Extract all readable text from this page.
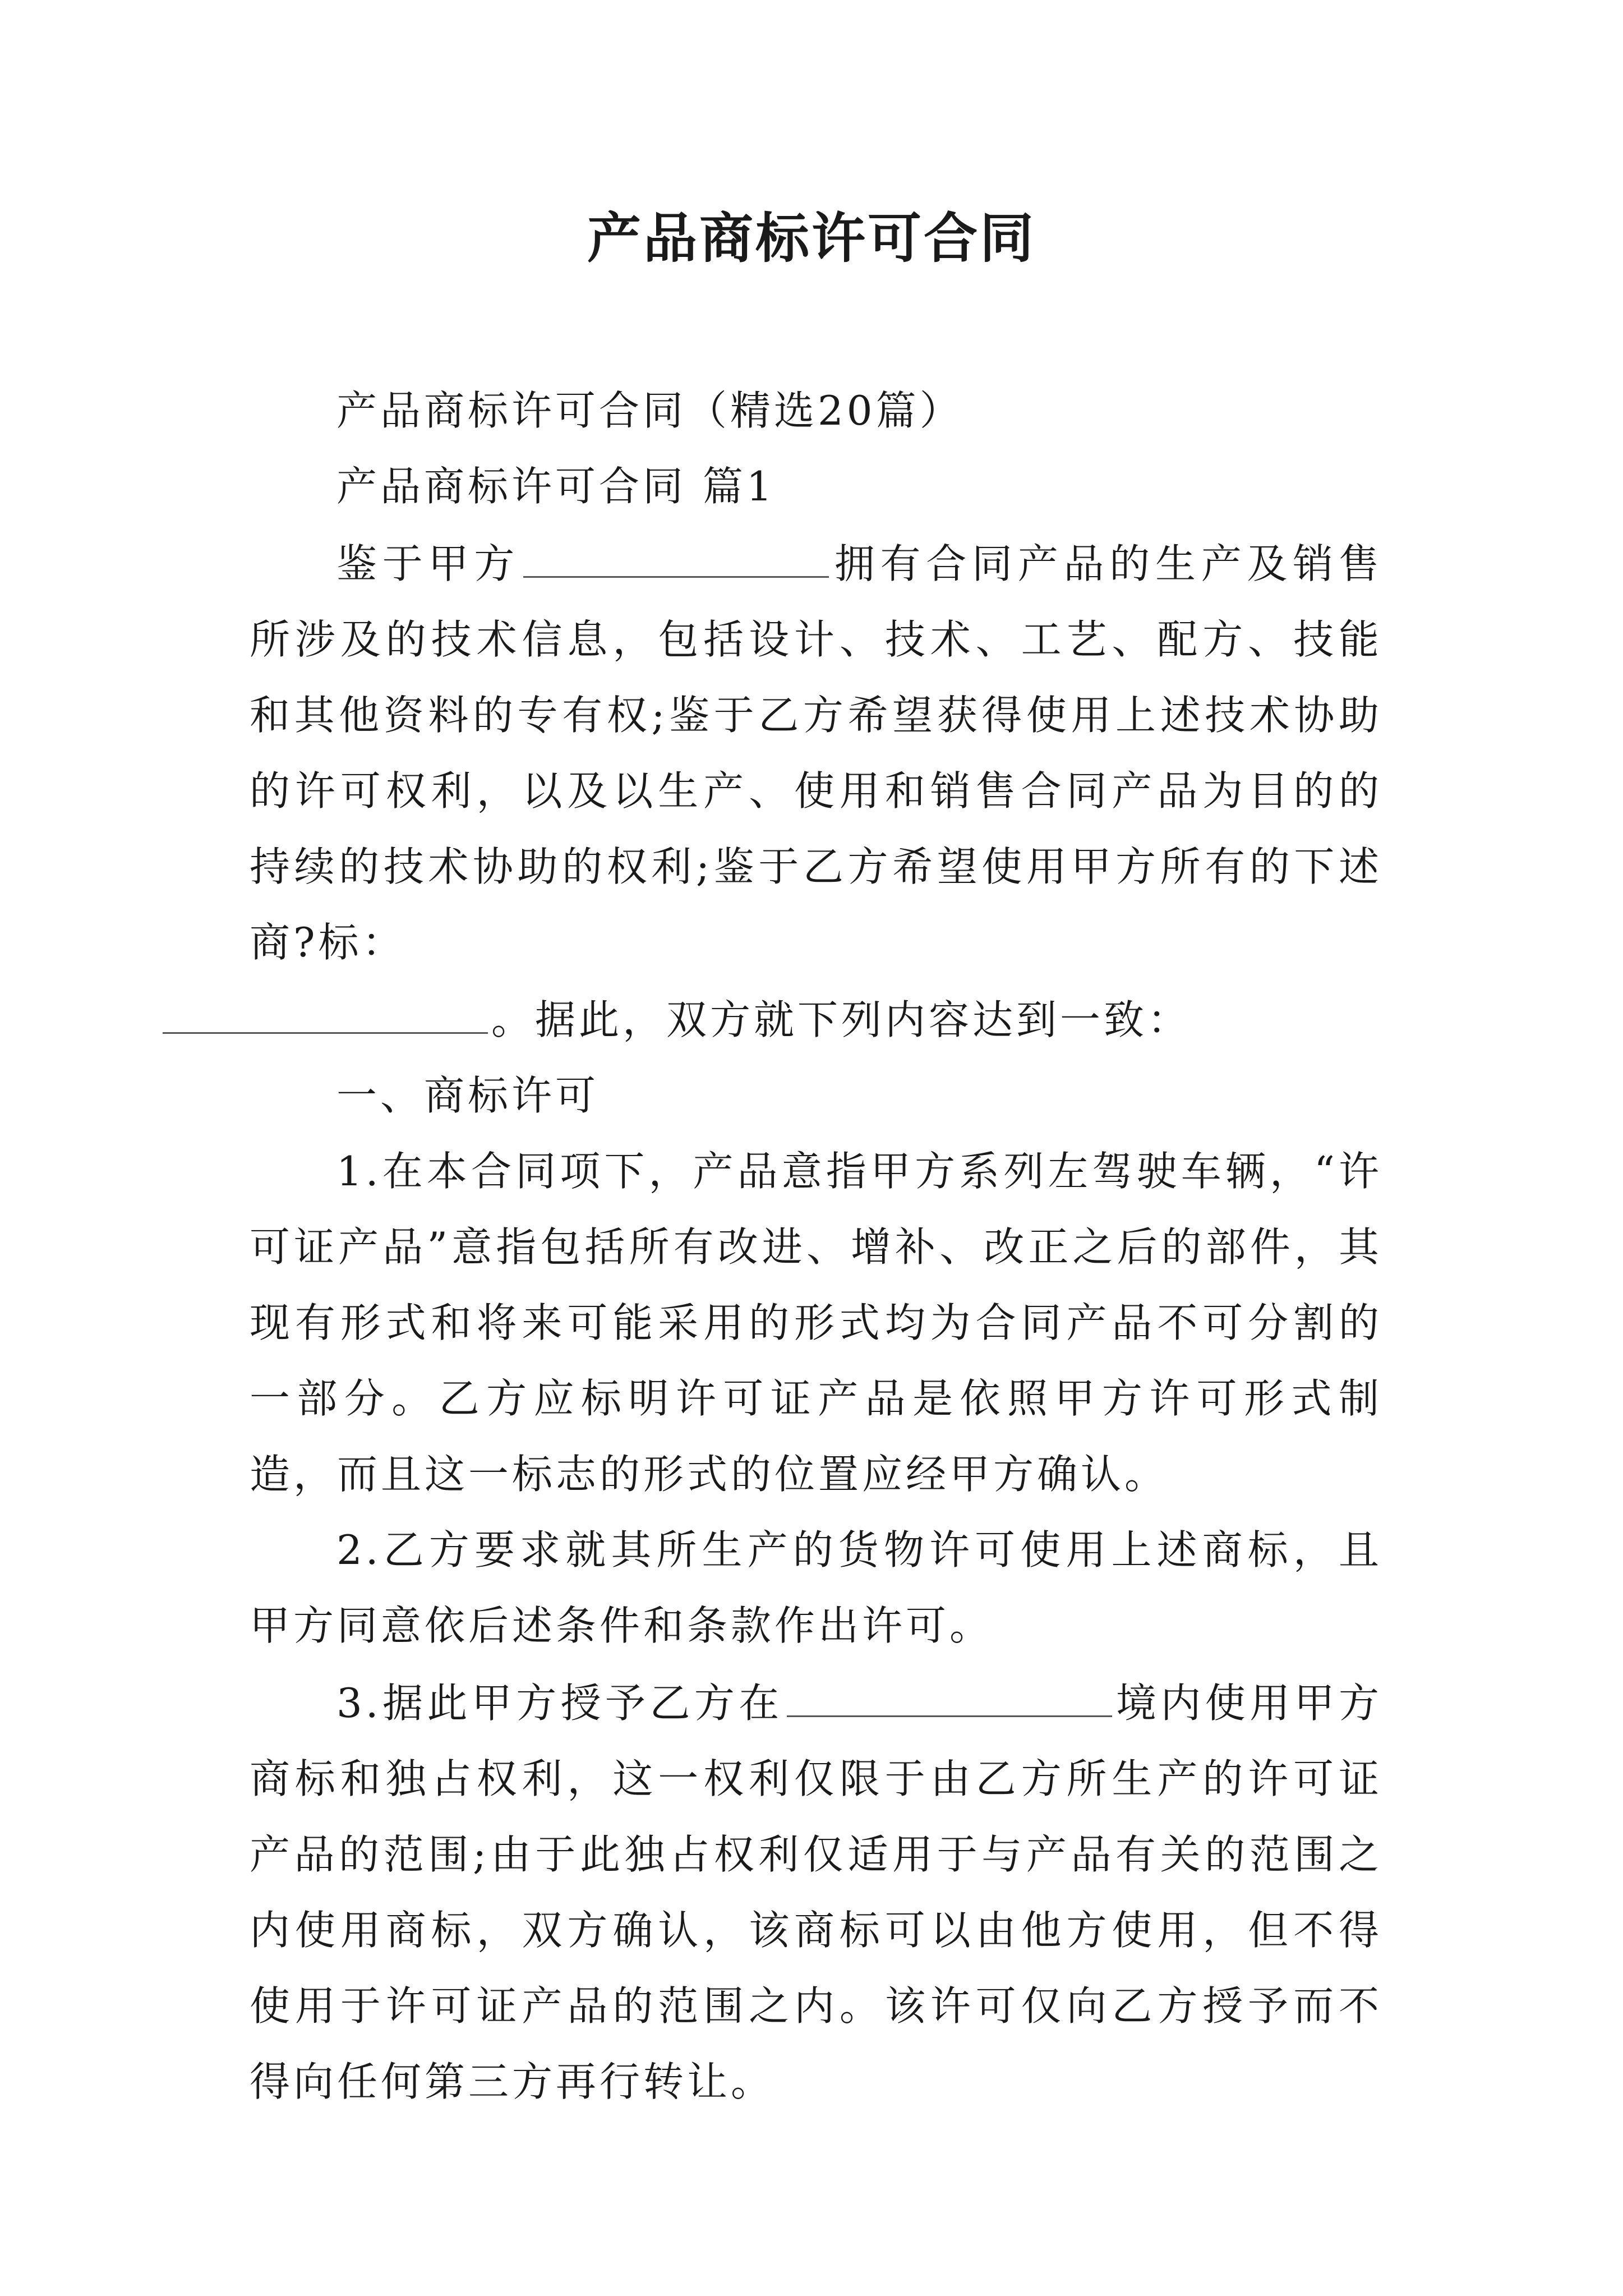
产品商标许可合同

产品商标许可合同（精选20篇）

产品商标许可合同 篇1

鉴于甲方	拥有合同产品的生产及销售所涉及的技术信息，包括设计、技术、工艺、配方、技能和其他资料的专有权;鉴于乙方希望获得使用上述技术协助的许可权利，以及以生产、使用和销售合同产品为目的的持续的技术协助的权利;鉴于乙方希望使用甲方所有的下述商?标：
。据此，双方就下列内容达到一致：

一、商标许可

1.在本合同项下，产品意指甲方系列左驾驶车辆，“许可证产品”意指包括所有改进、增补、改正之后的部件，其现有形式和将来可能采用的形式均为合同产品不可分割的一部分。乙方应标明许可证产品是依照甲方许可形式制造，而且这一标志的形式的位置应经甲方确认。

2.乙方要求就其所生产的货物许可使用上述商标，且甲方同意依后述条件和条款作出许可。

3.据此甲方授予乙方在	境内使用甲方商标和独占权利，这一权利仅限于由乙方所生产的许可证产品的范围;由于此独占权利仅适用于与产品有关的范围之内使用商标，双方确认，该商标可以由他方使用，但不得使用于许可证产品的范围之内。该许可仅向乙方授予而不得向任何第三方再行转让。
